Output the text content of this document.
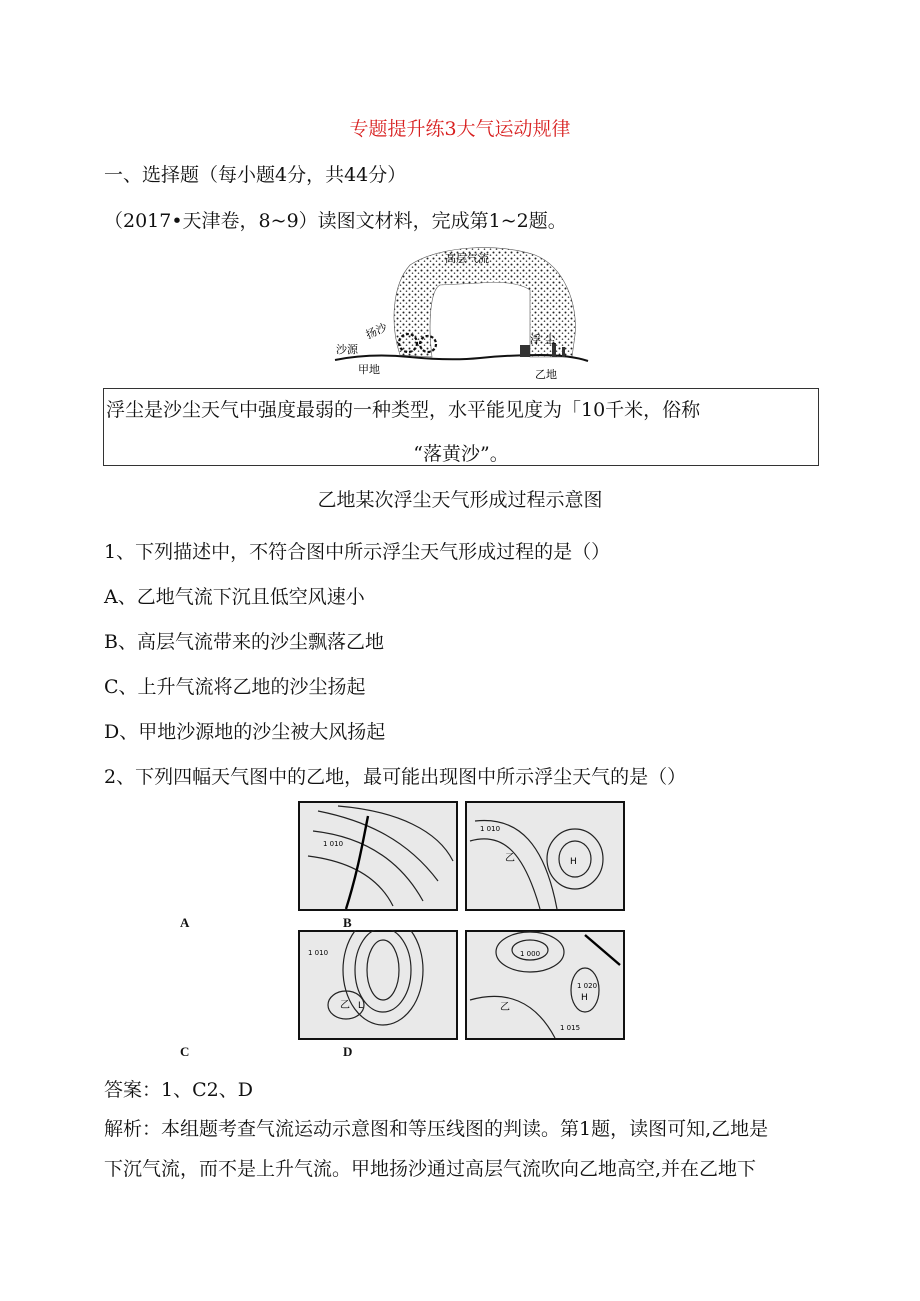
专题提升练3大气运动规律
一、选择题（每小题4分，共44分）
（2017•天津卷，8~9）读图文材料，完成第1~2题。
高层气流
扬沙
沙源
甲地
浮 尘
乙地
浮尘是沙尘天气中强度最弱的一种类型，水平能见度为「10千米，俗称
“落黄沙”。
乙地某次浮尘天气形成过程示意图
1、下列描述中，不符合图中所示浮尘天气形成过程的是（）
A、乙地气流下沉且低空风速小
B、高层气流带来的沙尘飘落乙地
C、上升气流将乙地的沙尘扬起
D、甲地沙源地的沙尘被大风扬起
2、下列四幅天气图中的乙地，最可能出现图中所示浮尘天气的是（）
1 010
H
1 010
乙
1 010
乙 L
1 000
1 020
H
1 015
乙
A	B
C	D
答案：1、C2、D
解析：本组题考查气流运动示意图和等压线图的判读。第1题，读图可知,乙地是
下沉气流，而不是上升气流。甲地扬沙通过高层气流吹向乙地高空,并在乙地下
